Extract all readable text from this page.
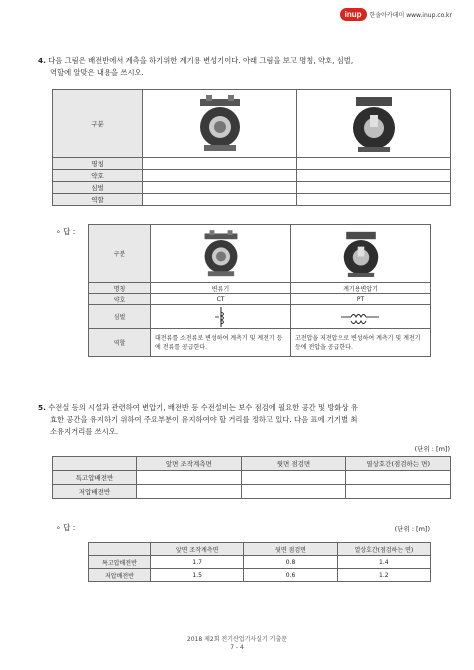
inup	한솔아카데미 www.inup.co.kr
4. 다음 그림은 배전반에서 계측을 하기위한 계기용 변성기이다. 아래 그림을 보고 명칭, 약호, 심벌,
역할에 알맞은 내용을 쓰시오.
구분	

명칭		
약호		
심벌		
역할		
∘ 답 :
구분	

명칭	변류기	계기용변압기
약호	CT	PT
심벌	

역할	대전류를 소전류로 변성하여 계측기 및 계전기 등에 전류를 공급한다.	고전압을 저전압으로 변성하여 계측기 및 계전기 등에 전압을 공급한다.
5. 수전실 등의 시설과 관련하여 변압기, 배전반 등 수전설비는 보수 점검에 필요한 공간 및 방화상 유
효한 공간을 유지하기 위하여 주요부분이 유지하여야 할 거리를 정하고 있다. 다음 표에 기기별 최
소유지거리를 쓰시오.
(단위 : [m])
	앞면 조작계측면	뒷면 점검면	열상호간(점검하는 면)
특고압배전반			
저압배전반			
∘ 답 :	(단위 : [m])
	앞면 조작계측면	뒷면 점검면	열상호간(점검하는 면)
특고압배전반	1.7	0.8	1.4
저압배전반	1.5	0.6	1.2
2018 제2회 전기산업기사실기 기출문
7 - 4
